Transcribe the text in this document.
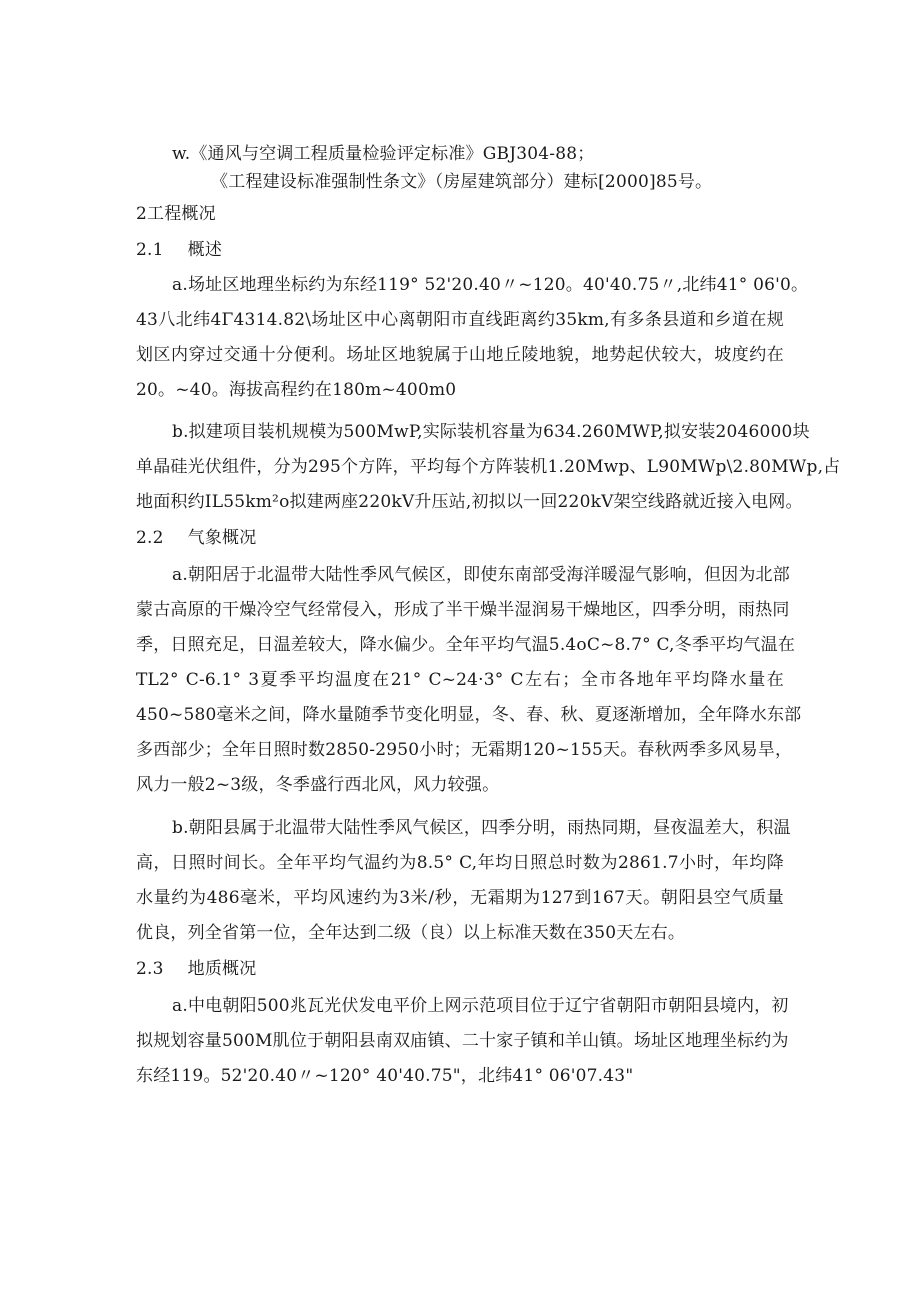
w.《通风与空调工程质量检验评定标准》GBJ304-88；
《工程建设标准强制性条文》（房屋建筑部分）建标[2000]85号。
2工程概况
2.1 概述
a.场址区地理坐标约为东经119° 52'20.40〃~120。40'40.75〃,北纬41° 06'0。
43八北纬4Γ4314.82\场址区中心离朝阳市直线距离约35km,有多条县道和乡道在规
划区内穿过交通十分便利。场址区地貌属于山地丘陵地貌，地势起伏较大，坡度约在
20。~40。海拔高程约在180m~400m0
b.拟建项目装机规模为500MwP,实际装机容量为634.260MWP,拟安装2046000块
单晶硅光伏组件，分为295个方阵，平均每个方阵装机1.20Mwp、L90MWp\2.80MWp,占
地面积约IL55km²o拟建两座220kV升压站,初拟以一回220kV架空线路就近接入电网。
2.2 气象概况
a.朝阳居于北温带大陆性季风气候区，即使东南部受海洋暖湿气影响，但因为北部
蒙古高原的干燥冷空气经常侵入，形成了半干燥半湿润易干燥地区，四季分明，雨热同
季，日照充足，日温差较大，降水偏少。全年平均气温5.4oC~8.7° C,冬季平均气温在
TL2° C-6.1° 3夏季平均温度在21° C~24·3° C左右；全市各地年平均降水量在
450~580毫米之间，降水量随季节变化明显，冬、春、秋、夏逐渐增加，全年降水东部
多西部少；全年日照时数2850-2950小时；无霜期120~155天。春秋两季多风易旱，
风力一般2~3级，冬季盛行西北风，风力较强。
b.朝阳县属于北温带大陆性季风气候区，四季分明，雨热同期，昼夜温差大，积温
高，日照时间长。全年平均气温约为8.5° C,年均日照总时数为2861.7小时，年均降
水量约为486毫米，平均风速约为3米/秒，无霜期为127到167天。朝阳县空气质量
优良，列全省第一位，全年达到二级（良）以上标准天数在350天左右。
2.3 地质概况
a.中电朝阳500兆瓦光伏发电平价上网示范项目位于辽宁省朝阳市朝阳县境内，初
拟规划容量500M肌位于朝阳县南双庙镇、二十家子镇和羊山镇。场址区地理坐标约为
东经119。52'20.40〃~120° 40'40.75"，北纬41° 06'07.43"
